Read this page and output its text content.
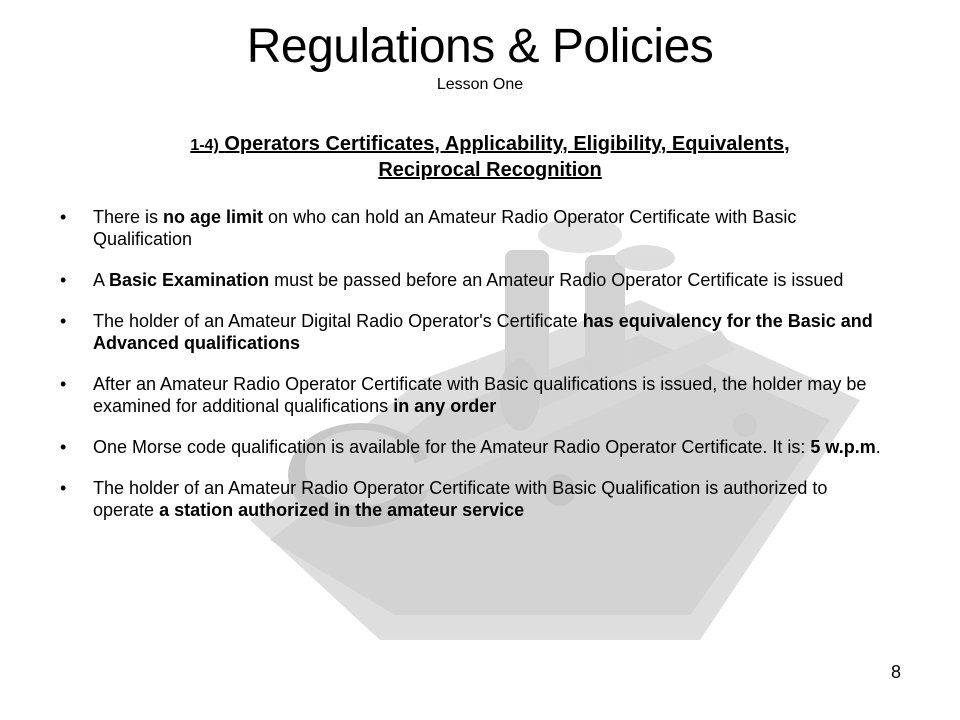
Regulations & Policies
Lesson One
1-4) Operators Certificates, Applicability, Eligibility, Equivalents,
Reciprocal Recognition
• There is no age limit on who can hold an Amateur Radio Operator Certificate with Basic Qualification
• A Basic Examination must be passed before an Amateur Radio Operator Certificate is issued
• The holder of an Amateur Digital Radio Operator's Certificate has equivalency for the Basic and Advanced qualifications
• After an Amateur Radio Operator Certificate with Basic qualifications is issued, the holder may be examined for additional qualifications in any order
• One Morse code qualification is available for the Amateur Radio Operator Certificate. It is: 5 w.p.m.
• The holder of an Amateur Radio Operator Certificate with Basic Qualification is authorized to operate a station authorized in the amateur service
8
